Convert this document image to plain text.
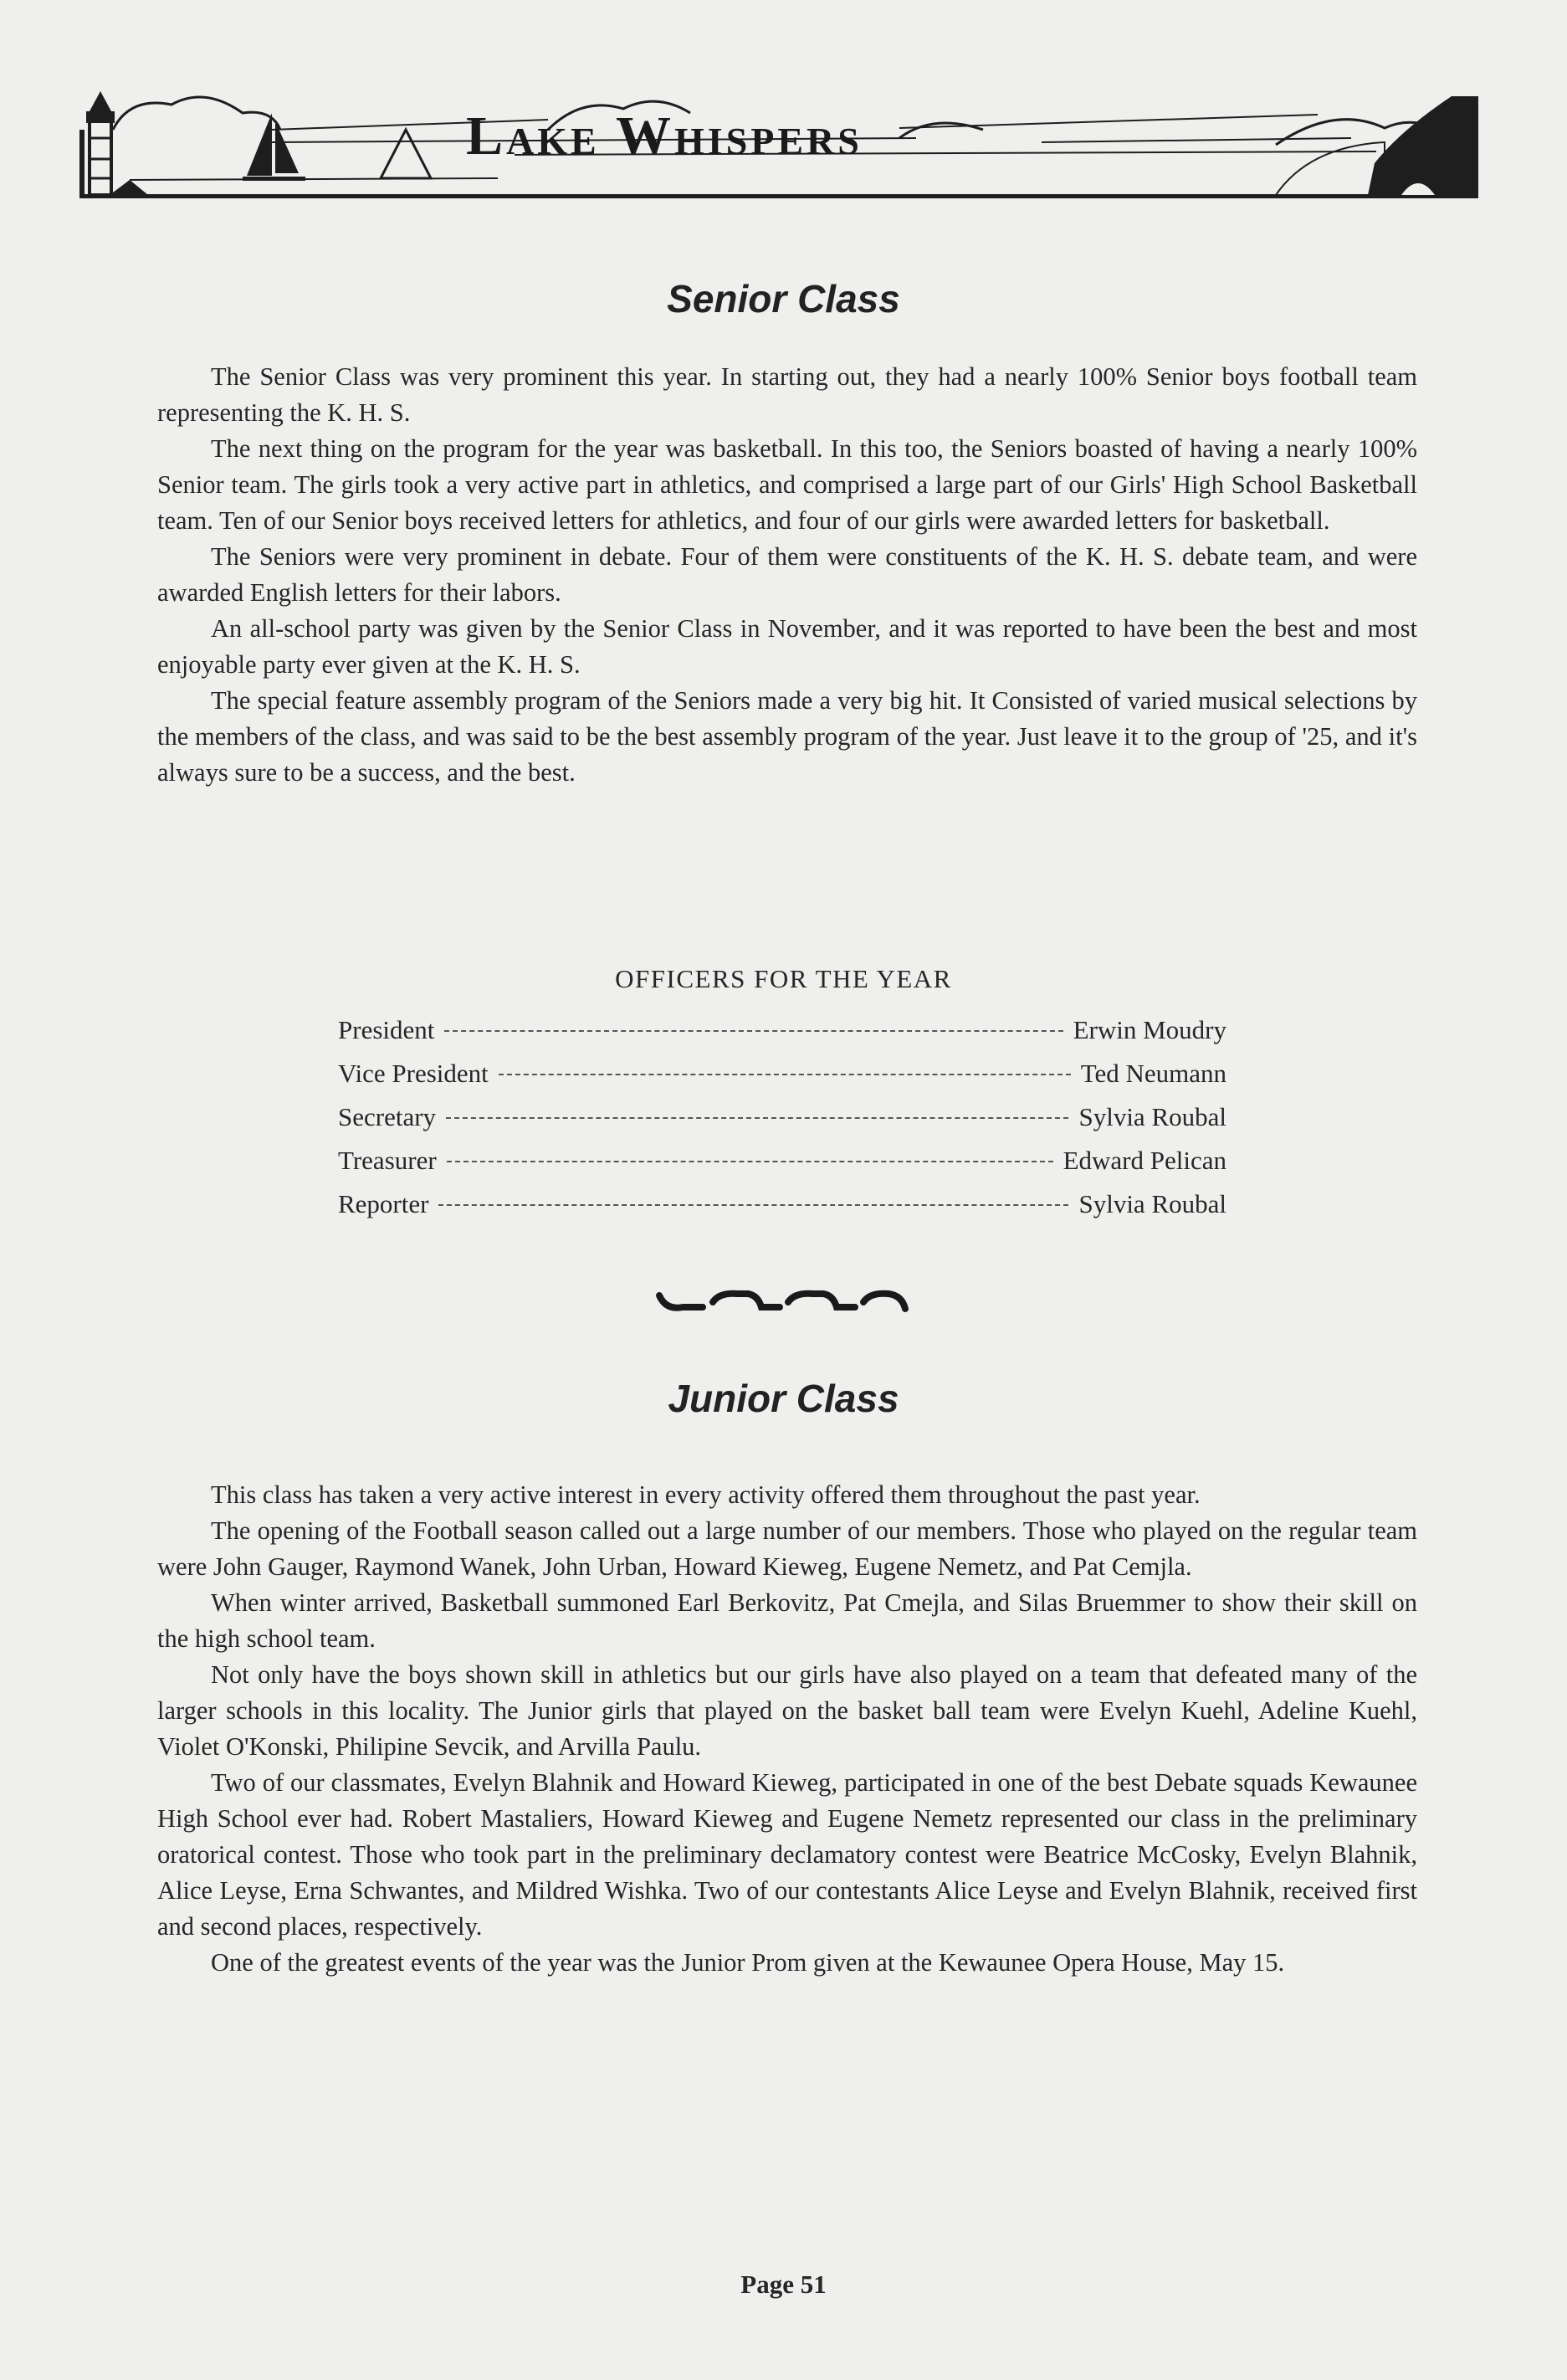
Lake Whispers
Senior Class

The Senior Class was very prominent this year. In starting out, they had a nearly 100% Senior boys football team representing the K. H. S.

The next thing on the program for the year was basketball. In this too, the Seniors boasted of having a nearly 100% Senior team. The girls took a very active part in athletics, and comprised a large part of our Girls' High School Basketball team. Ten of our Senior boys received letters for athletics, and four of our girls were awarded letters for basketball.

The Seniors were very prominent in debate. Four of them were constituents of the K. H. S. debate team, and were awarded English letters for their labors.

An all-school party was given by the Senior Class in November, and it was reported to have been the best and most enjoyable party ever given at the K. H. S.

The special feature assembly program of the Seniors made a very big hit. It Consisted of varied musical selections by the members of the class, and was said to be the best assembly program of the year. Just leave it to the group of '25, and it's always sure to be a success, and the best.

OFFICERS FOR THE YEAR
President	Erwin Moudry
Vice President	Ted Neumann
Secretary	Sylvia Roubal
Treasurer	Edward Pelican
Reporter	Sylvia Roubal
Junior Class

This class has taken a very active interest in every activity offered them throughout the past year.

The opening of the Football season called out a large number of our members. Those who played on the regular team were John Gauger, Raymond Wanek, John Urban, Howard Kieweg, Eugene Nemetz, and Pat Cemjla.

When winter arrived, Basketball summoned Earl Berkovitz, Pat Cmejla, and Silas Bruemmer to show their skill on the high school team.

Not only have the boys shown skill in athletics but our girls have also played on a team that defeated many of the larger schools in this locality. The Junior girls that played on the basket ball team were Evelyn Kuehl, Adeline Kuehl, Violet O'Konski, Philipine Sevcik, and Arvilla Paulu.

Two of our classmates, Evelyn Blahnik and Howard Kieweg, participated in one of the best Debate squads Kewaunee High School ever had. Robert Mastaliers, Howard Kieweg and Eugene Nemetz represented our class in the preliminary oratorical contest. Those who took part in the preliminary declamatory contest were Beatrice McCosky, Evelyn Blahnik, Alice Leyse, Erna Schwantes, and Mildred Wishka. Two of our contestants Alice Leyse and Evelyn Blahnik, received first and second places, respectively.

One of the greatest events of the year was the Junior Prom given at the Kewaunee Opera House, May 15.

Page 51
